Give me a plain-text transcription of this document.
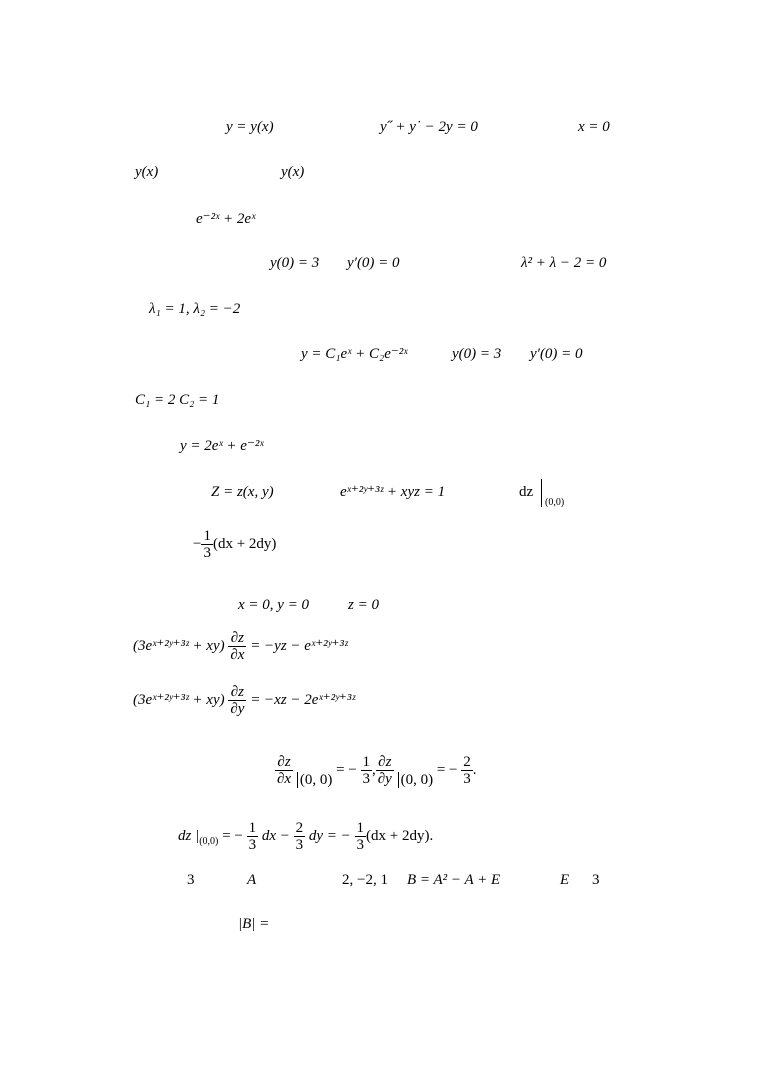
y = y(x)	y˝ + y˙ − 2y = 0	x = 0
y(x)	y(x)
e⁻²ˣ + 2eˣ
y(0) = 3 y′(0) = 0	λ² + λ − 2 = 0
λ₁ = 1, λ₂ = −2
y = C₁eˣ + C₂e⁻²ˣ	y(0) = 3 y′(0) = 0
C₁ = 2 C₂ = 1
y = 2eˣ + e⁻²ˣ
Z = z(x, y)	eˣ⁺²ʸ⁺³ᶻ + xyz = 1	dz
(0,0)
− $\frac{1}{3} (dx + 2dy)$
x = 0, y = 0	z = 0
(3eˣ⁺²ʸ⁺³ᶻ + $xy) \frac{\partial z}{\partial x} = -yz$ − eˣ⁺²ʸ⁺³ᶻ
(3eˣ⁺²ʸ⁺³ᶻ + $xy) \frac{\partial z}{\partial y} = -xz$ − 2eˣ⁺²ʸ⁺³ᶻ
$\frac{\partial z}{\partial x} (0$, 0) = − $\frac{1}{3}$ , $\frac{\partial z}{\partial y} (0$, 0) = − $\frac{2}{3}$ .
dz $|_{(0,0)}$ = − $\frac{1}{3}$ dx − $\frac{2}{3}$ dy = − $\frac{1}{3} (dx + 2dy)$.
3	A	2, −2, 1 B = A² − A + E	E 3
|B| =
